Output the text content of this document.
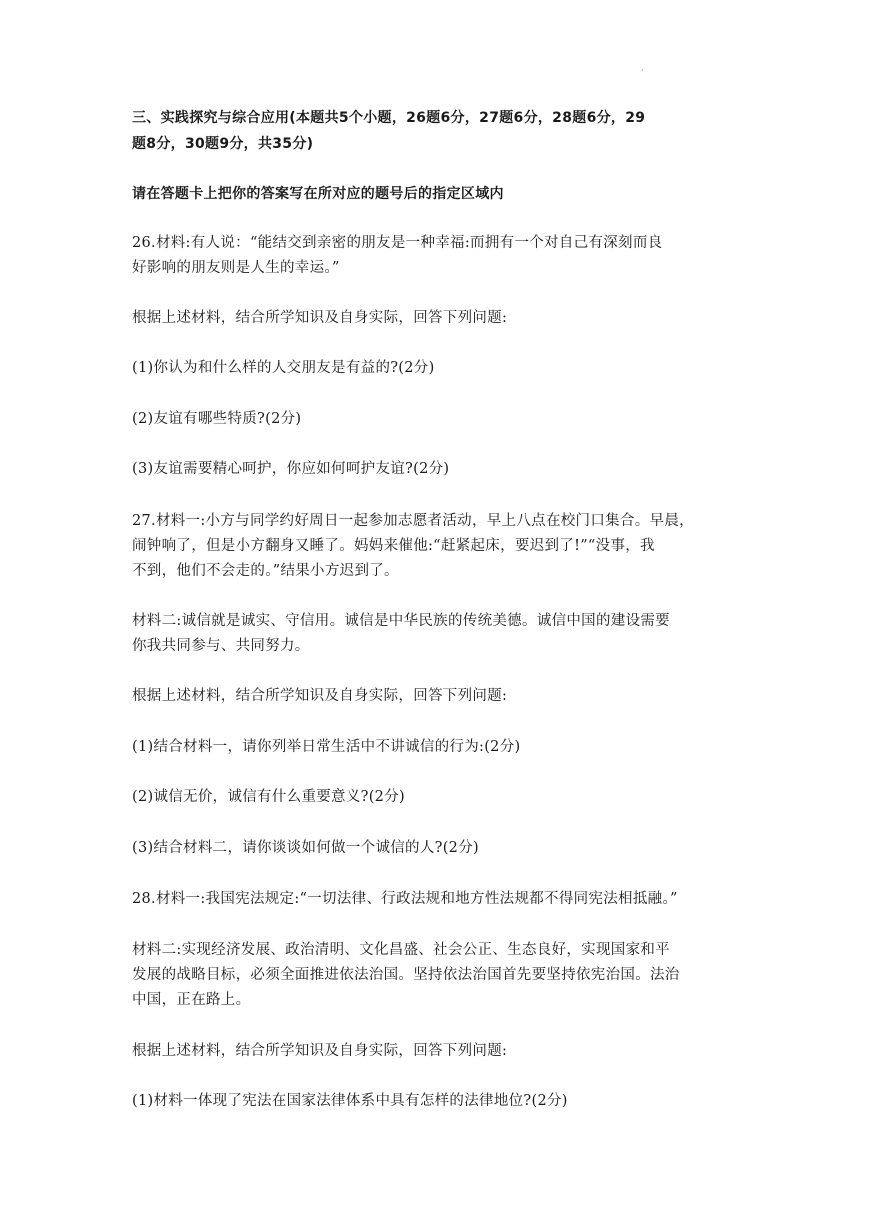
·
三、实践探究与综合应用(本题共5个小题，26题6分，27题6分，28题6分，29
题8分，30题9分，共35分)
请在答题卡上把你的答案写在所对应的题号后的指定区域内
26.材料:有人说：“能结交到亲密的朋友是一种幸福:而拥有一个对自己有深刻而良
好影响的朋友则是人生的幸运。”
根据上述材料，结合所学知识及自身实际，回答下列问题:
(1)你认为和什么样的人交朋友是有益的?(2分)
(2)友谊有哪些特质?(2分)
(3)友谊需要精心呵护，你应如何呵护友谊?(2分)
27.材料一:小方与同学约好周日一起参加志愿者活动，早上八点在校门口集合。早晨，
闹钟响了，但是小方翻身又睡了。妈妈来催他:“赶紧起床，要迟到了!”“没事，我
不到，他们不会走的。”结果小方迟到了。
材料二:诚信就是诚实、守信用。诚信是中华民族的传统美德。诚信中国的建设需要
你我共同参与、共同努力。
根据上述材料，结合所学知识及自身实际，回答下列问题:
(1)结合材料一，请你列举日常生活中不讲诚信的行为:(2分)
(2)诚信无价，诚信有什么重要意义?(2分)
(3)结合材料二，请你谈谈如何做一个诚信的人?(2分)
28.材料一:我国宪法规定:“一切法律、行政法规和地方性法规都不得同宪法相抵融。”
材料二:实现经济发展、政治清明、文化昌盛、社会公正、生态良好，实现国家和平
发展的战略目标，必须全面推进依法治国。坚持依法治国首先要坚持依宪治国。法治
中国，正在路上。
根据上述材料，结合所学知识及自身实际，回答下列问题:
(1)材料一体现了宪法在国家法律体系中具有怎样的法律地位?(2分)
